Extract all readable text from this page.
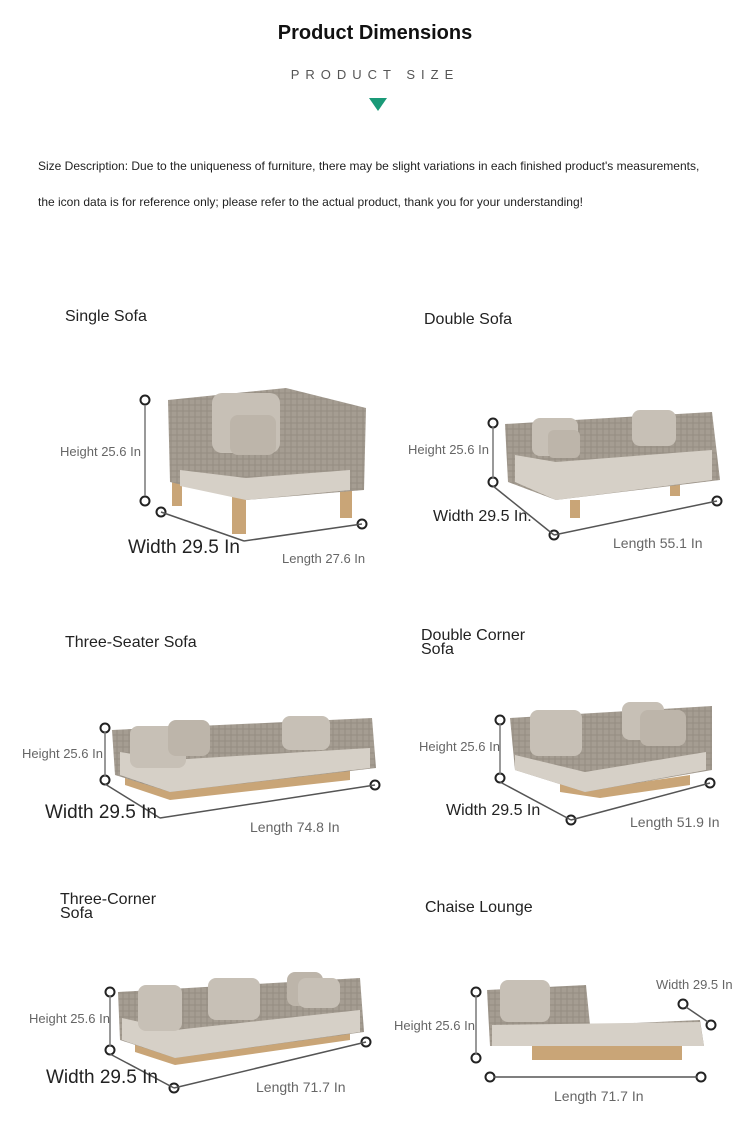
Product Dimensions
PRODUCT SIZE
Size Description: Due to the uniqueness of furniture, there may be slight variations in each finished product's measurements,
the icon data is for reference only; please refer to the actual product, thank you for your understanding!
Single Sofa
Height 25.6 In
Width 29.5 In
Length 27.6 In
Double Sofa
Height 25.6 In
Width 29.5 In.
Length 55.1 In
Three-Seater Sofa
Height 25.6 In
Width 29.5 In
Length 74.8 In
Double Corner
Sofa
Height 25.6 In
Width 29.5 In
Length 51.9 In
Three-Corner
Sofa
Height 25.6 In
Width 29.5 In	Length 71.7 In
Chaise Lounge
Width 29.5 In
Height 25.6 In
Length 71.7 In
